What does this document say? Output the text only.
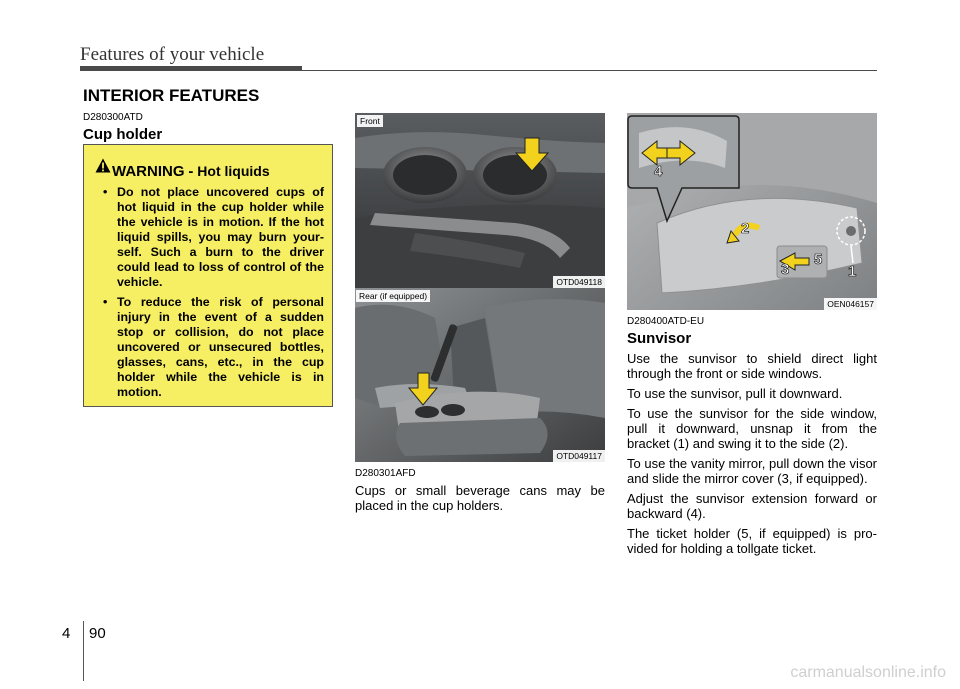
Features of your vehicle
INTERIOR FEATURES
D280300ATD
Cup holder
WARNING - Hot liquids
• Do not place uncovered cups of hot liquid in the cup holder while the vehicle is in motion. If the hot liquid spills, you may burn your-self. Such a burn to the driver could lead to loss of control of the vehicle.
• To reduce the risk of personal injury in the event of a sudden stop or collision, do not place uncovered or unsecured bottles, glasses, cans, etc., in the cup holder while the vehicle is in motion.
Front
OTD049118
Rear (if equipped)
OTD049117
D280301AFD
Cups or small beverage cans may be placed in the cup holders.
4
2
3
5
1
OEN046157
D280400ATD-EU
Sunvisor

Use the sunvisor to shield direct light through the front or side windows.

To use the sunvisor, pull it downward.

To use the sunvisor for the side window, pull it downward, unsnap it from the bracket (1) and swing it to the side (2).

To use the vanity mirror, pull down the visor and slide the mirror cover (3, if equipped).

Adjust the sunvisor extension forward or backward (4).

The ticket holder (5, if equipped) is pro-vided for holding a tollgate ticket.

4 90
carmanualsonline.info
